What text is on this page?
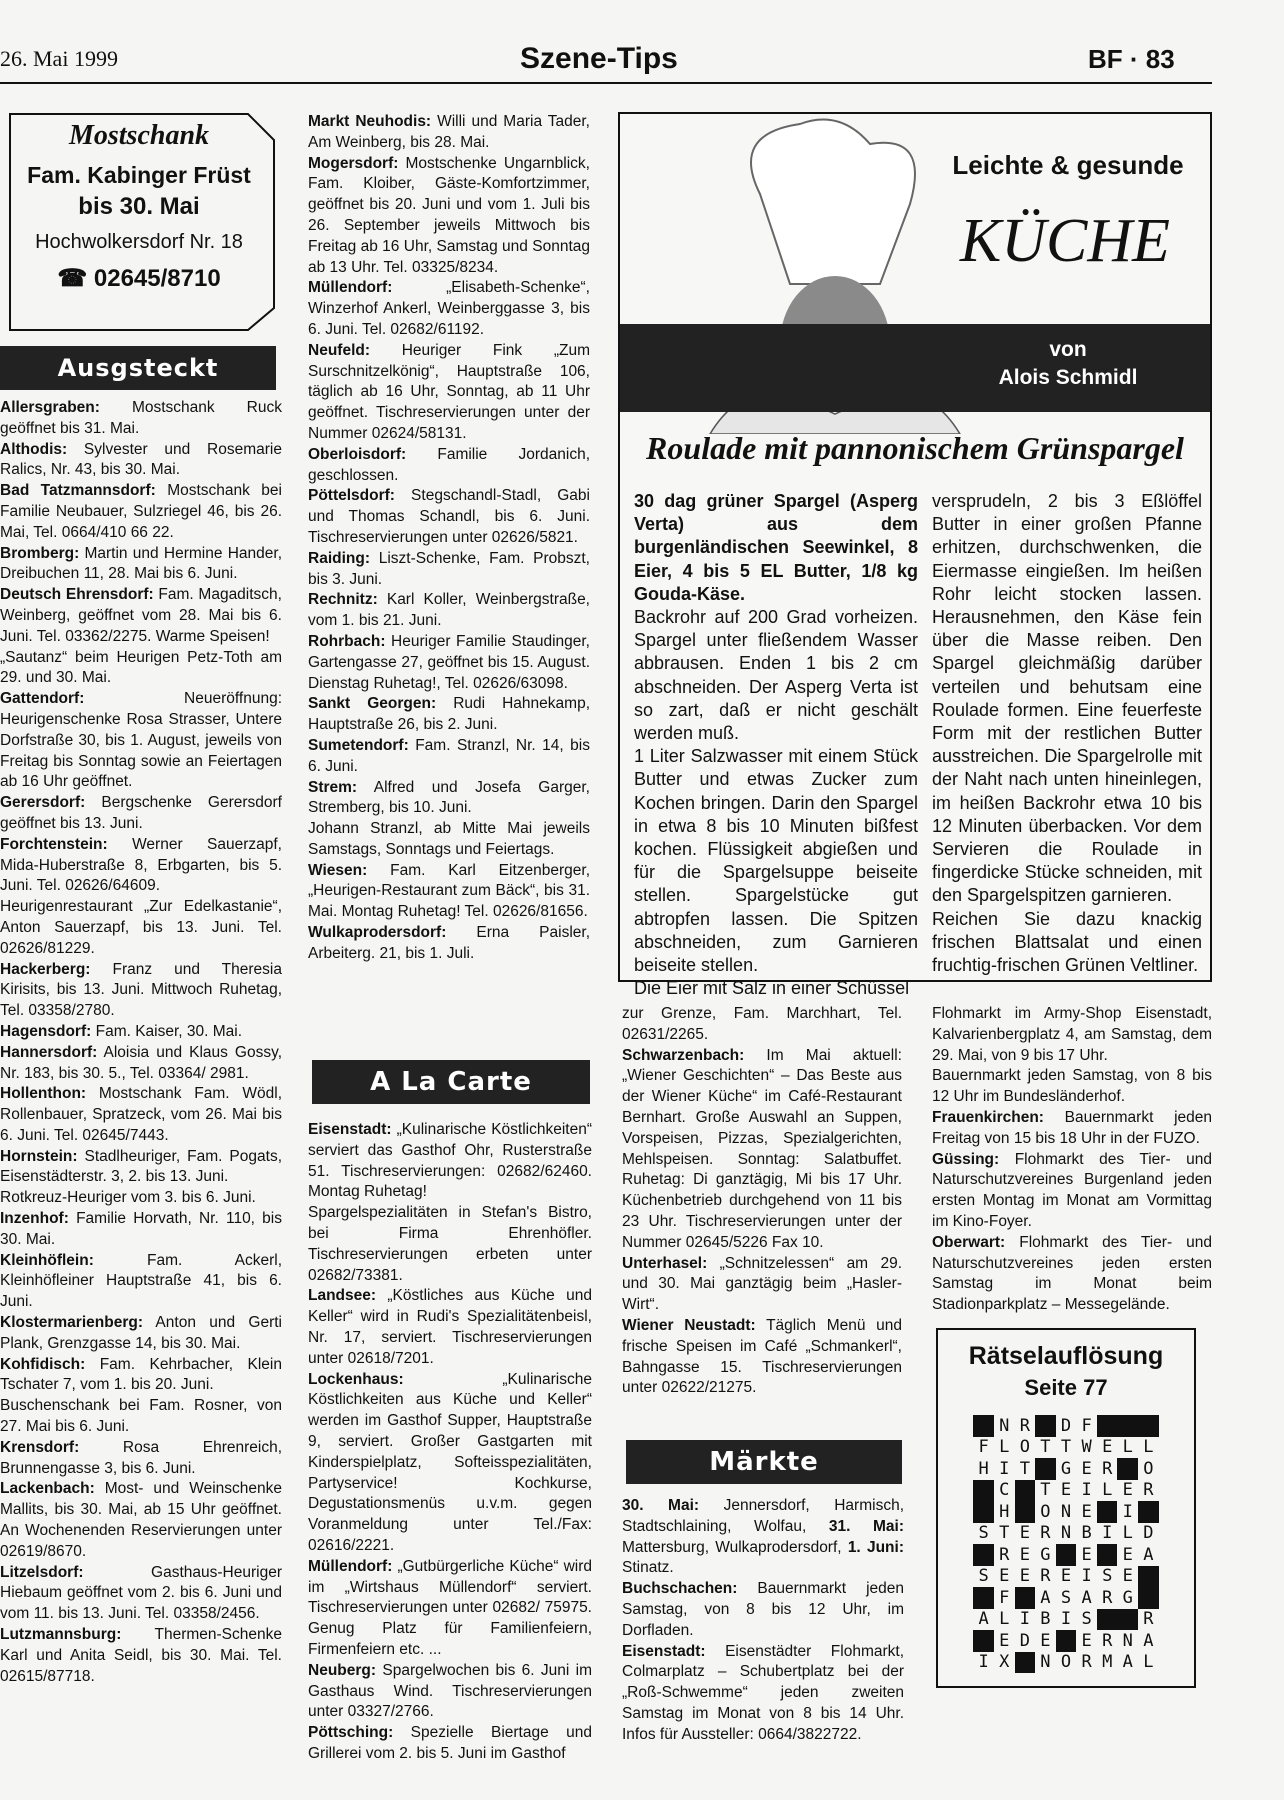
26. Mai 1999	Szene-Tips	BF · 83
Mostschank
Fam. Kabinger Früst
bis 30. Mai
Hochwolkersdorf Nr. 18
☎ 02645/8710
Ausgsteckt

Allersgraben: Mostschank Ruck geöffnet bis 31. Mai.

Althodis: Sylvester und Rosemarie Ralics, Nr. 43, bis 30. Mai.

Bad Tatzmannsdorf: Mostschank bei Familie Neubauer, Sulzriegel 46, bis 26. Mai, Tel. 0664/410 66 22.

Bromberg: Martin und Hermine Hander, Dreibuchen 11, 28. Mai bis 6. Juni.

Deutsch Ehrensdorf: Fam. Magaditsch, Weinberg, geöffnet vom 28. Mai bis 6. Juni. Tel. 03362/2275. Warme Speisen!

„Sautanz“ beim Heurigen Petz-Toth am 29. und 30. Mai.

Gattendorf: Neueröffnung: Heurigenschenke Rosa Strasser, Untere Dorfstraße 30, bis 1. August, jeweils von Freitag bis Sonntag sowie an Feiertagen ab 16 Uhr geöffnet.

Gerersdorf: Bergschenke Gerersdorf geöffnet bis 13. Juni.

Forchtenstein: Werner Sauerzapf, Mida-Huberstraße 8, Erbgarten, bis 5. Juni. Tel. 02626/64609.

Heurigenrestaurant „Zur Edelkastanie“, Anton Sauerzapf, bis 13. Juni. Tel. 02626/81229.

Hackerberg: Franz und Theresia Kirisits, bis 13. Juni. Mittwoch Ruhetag, Tel. 03358/2780.

Hagensdorf: Fam. Kaiser, 30. Mai.

Hannersdorf: Aloisia und Klaus Gossy, Nr. 183, bis 30. 5., Tel. 03364/ 2981.

Hollenthon: Mostschank Fam. Wödl, Rollenbauer, Spratzeck, vom 26. Mai bis 6. Juni. Tel. 02645/7443.

Hornstein: Stadlheuriger, Fam. Pogats, Eisenstädterstr. 3, 2. bis 13. Juni.

Rotkreuz-Heuriger vom 3. bis 6. Juni.

Inzenhof: Familie Horvath, Nr. 110, bis 30. Mai.

Kleinhöflein: Fam. Ackerl, Kleinhöfleiner Hauptstraße 41, bis 6. Juni.

Klostermarienberg: Anton und Gerti Plank, Grenzgasse 14, bis 30. Mai.

Kohfidisch: Fam. Kehrbacher, Klein Tschater 7, vom 1. bis 20. Juni.

Buschenschank bei Fam. Rosner, von 27. Mai bis 6. Juni.

Krensdorf: Rosa Ehrenreich, Brunnengasse 3, bis 6. Juni.

Lackenbach: Most- und Weinschenke Mallits, bis 30. Mai, ab 15 Uhr geöffnet. An Wochenenden Reservierungen unter 02619/8670.

Litzelsdorf: Gasthaus-Heuriger Hiebaum geöffnet vom 2. bis 6. Juni und vom 11. bis 13. Juni. Tel. 03358/2456.

Lutzmannsburg: Thermen-Schenke Karl und Anita Seidl, bis 30. Mai. Tel. 02615/87718.

Markt Neuhodis: Willi und Maria Tader, Am Weinberg, bis 28. Mai.

Mogersdorf: Mostschenke Ungarnblick, Fam. Kloiber, Gäste-Komfortzimmer, geöffnet bis 20. Juni und vom 1. Juli bis 26. September jeweils Mittwoch bis Freitag ab 16 Uhr, Samstag und Sonntag ab 13 Uhr. Tel. 03325/8234.

Müllendorf: „Elisabeth-Schenke“, Winzerhof Ankerl, Weinberggasse 3, bis 6. Juni. Tel. 02682/61192.

Neufeld: Heuriger Fink „Zum Surschnitzelkönig“, Hauptstraße 106, täglich ab 16 Uhr, Sonntag, ab 11 Uhr geöffnet. Tischreservierungen unter der Nummer 02624/58131.

Oberloisdorf: Familie Jordanich, geschlossen.

Pöttelsdorf: Stegschandl-Stadl, Gabi und Thomas Schandl, bis 6. Juni. Tischreservierungen unter 02626/5821.

Raiding: Liszt-Schenke, Fam. Probszt, bis 3. Juni.

Rechnitz: Karl Koller, Weinbergstraße, vom 1. bis 21. Juni.

Rohrbach: Heuriger Familie Staudinger, Gartengasse 27, geöffnet bis 15. August. Dienstag Ruhetag!, Tel. 02626/63098.

Sankt Georgen: Rudi Hahnekamp, Hauptstraße 26, bis 2. Juni.

Sumetendorf: Fam. Stranzl, Nr. 14, bis 6. Juni.

Strem: Alfred und Josefa Garger, Stremberg, bis 10. Juni.

Johann Stranzl, ab Mitte Mai jeweils Samstags, Sonntags und Feiertags.

Wiesen: Fam. Karl Eitzenberger, „Heurigen-Restaurant zum Bäck“, bis 31. Mai. Montag Ruhetag! Tel. 02626/81656.

Wulkaprodersdorf: Erna Paisler, Arbeiterg. 21, bis 1. Juli.

A La Carte

Eisenstadt: „Kulinarische Köstlichkeiten“ serviert das Gasthof Ohr, Rusterstraße 51. Tischreservierungen: 02682/62460. Montag Ruhetag!

Spargelspezialitäten in Stefan's Bistro, bei Firma Ehrenhöfler. Tischreservierungen erbeten unter 02682/73381.

Landsee: „Köstliches aus Küche und Keller“ wird in Rudi's Spezialitätenbeisl, Nr. 17, serviert. Tischreservierungen unter 02618/7201.

Lockenhaus: „Kulinarische Köstlichkeiten aus Küche und Keller“ werden im Gasthof Supper, Hauptstraße 9, serviert. Großer Gastgarten mit Kinderspielplatz, Softeisspezialitäten, Partyservice! Kochkurse, Degustationsmenüs u.v.m. gegen Voranmeldung unter Tel./Fax: 02616/2221.

Müllendorf: „Gutbürgerliche Küche“ wird im „Wirtshaus Müllendorf“ serviert. Tischreservierungen unter 02682/ 75975. Genug Platz für Familienfeiern, Firmenfeiern etc. ...

Neuberg: Spargelwochen bis 6. Juni im Gasthaus Wind. Tischreservierungen unter 03327/2766.

Pöttsching: Spezielle Biertage und Grillerei vom 2. bis 5. Juni im Gasthof

Leichte & gesunde
KÜCHE
von
Alois Schmidl
Roulade mit pannonischem Grünspargel

30 dag grüner Spargel (Asperg Verta) aus dem burgenländischen Seewinkel, 8 Eier, 4 bis 5 EL Butter, 1/8 kg Gouda-Käse.

Backrohr auf 200 Grad vorheizen. Spargel unter fließendem Wasser abbrausen. Enden 1 bis 2 cm abschneiden. Der Asperg Verta ist so zart, daß er nicht geschält werden muß.

1 Liter Salzwasser mit einem Stück Butter und etwas Zucker zum Kochen bringen. Darin den Spargel in etwa 8 bis 10 Minuten bißfest kochen. Flüssigkeit abgießen und für die Spargelsuppe beiseite stellen. Spargelstücke gut abtropfen lassen. Die Spitzen abschneiden, zum Garnieren beiseite stellen.

Die Eier mit Salz in einer Schüssel

versprudeln, 2 bis 3 Eßlöffel Butter in einer großen Pfanne erhitzen, durchschwenken, die Eiermasse eingießen. Im heißen Rohr leicht stocken lassen. Herausnehmen, den Käse fein über die Masse reiben. Den Spargel gleichmäßig darüber verteilen und behutsam eine Roulade formen. Eine feuerfeste Form mit der restlichen Butter ausstreichen. Die Spargelrolle mit der Naht nach unten hineinlegen, im heißen Backrohr etwa 10 bis 12 Minuten überbacken. Vor dem Servieren die Roulade in fingerdicke Stücke schneiden, mit den Spargelspitzen garnieren.

Reichen Sie dazu knackig frischen Blattsalat und einen fruchtig-frischen Grünen Veltliner.

zur Grenze, Fam. Marchhart, Tel. 02631/2265.

Schwarzenbach: Im Mai aktuell: „Wiener Geschichten“ – Das Beste aus der Wiener Küche“ im Café-Restaurant Bernhart. Große Auswahl an Suppen, Vorspeisen, Pizzas, Spezialgerichten, Mehlspeisen. Sonntag: Salatbuffet. Ruhetag: Di ganztägig, Mi bis 17 Uhr. Küchenbetrieb durchgehend von 11 bis 23 Uhr. Tischreservierungen unter der Nummer 02645/5226 Fax 10.

Unterhasel: „Schnitzelessen“ am 29. und 30. Mai ganztägig beim „Hasler-Wirt“.

Wiener Neustadt: Täglich Menü und frische Speisen im Café „Schmankerl“, Bahngasse 15. Tischreservierungen unter 02622/21275.

Märkte

30. Mai: Jennersdorf, Harmisch, Stadtschlaining, Wolfau, 31. Mai: Mattersburg, Wulkaprodersdorf, 1. Juni: Stinatz.

Buchschachen: Bauernmarkt jeden Samstag, von 8 bis 12 Uhr, im Dorfladen.

Eisenstadt: Eisenstädter Flohmarkt, Colmarplatz – Schubertplatz bei der „Roß-Schwemme“ jeden zweiten Samstag im Monat von 8 bis 14 Uhr. Infos für Aussteller: 0664/3822722.

Flohmarkt im Army-Shop Eisenstadt, Kalvarienbergplatz 4, am Samstag, dem 29. Mai, von 9 bis 17 Uhr.

Bauernmarkt jeden Samstag, von 8 bis 12 Uhr im Bundesländerhof.

Frauenkirchen: Bauernmarkt jeden Freitag von 15 bis 18 Uhr in der FUZO.

Güssing: Flohmarkt des Tier- und Naturschutzvereines Burgenland jeden ersten Montag im Monat am Vormittag im Kino-Foyer.

Oberwart: Flohmarkt des Tier- und Naturschutzvereines jeden ersten Samstag im Monat beim Stadionparkplatz – Messegelände.

Rätselauflösung
Seite 77
	N	R		D	F			
F	L	O	T	T	W	E	L	L
H	I	T		G	E	R		O
	C		T	E	I	L	E	R
	H		O	N	E		I	
S	T	E	R	N	B	I	L	D
	R	E	G		E		E	A
S	E	E	R	E	I	S	E	
	F		A	S	A	R	G	
A	L	I	B	I	S			R
	E	D	E		E	R	N	A
I	X		N	O	R	M	A	L
